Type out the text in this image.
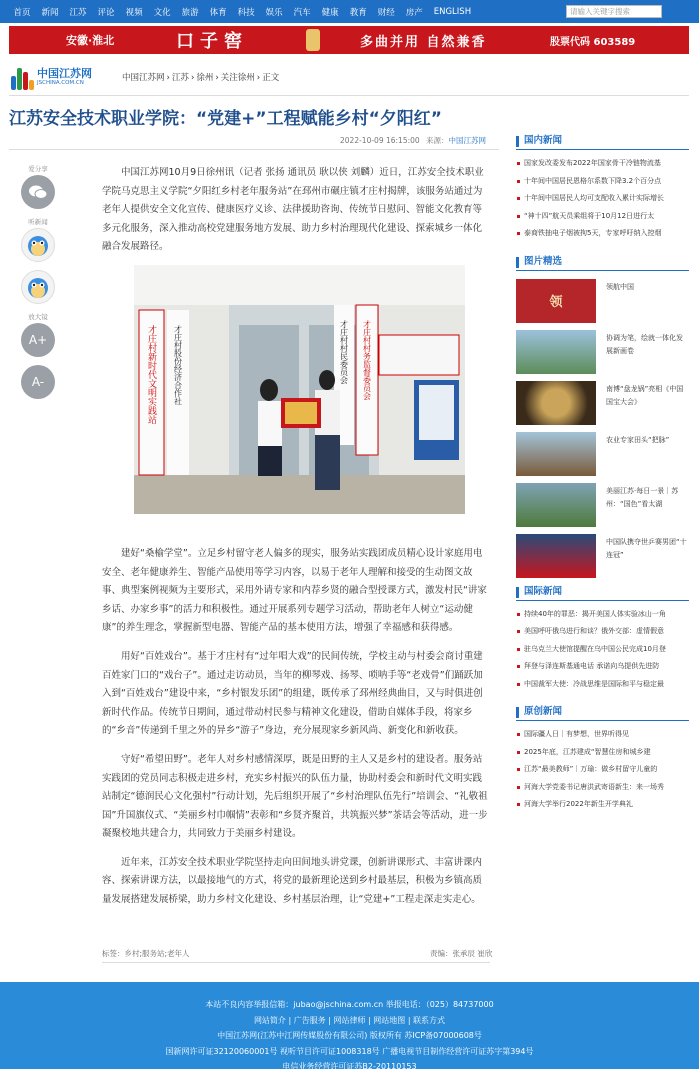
首页 新闻 江苏 评论 视频 文化 旅游 体育 科技 娱乐 汽车 健康 教育 财经 房产 ENGLISH	请输入关键字搜索
安徽·淮北	口子窖	多曲并用 自然兼香	股票代码 603589
中国江苏网
JSCHINA.COM.CN	中国江苏网 › 江苏 › 徐州 › 关注徐州 › 正文
江苏安全技术职业学院：“党建+”工程赋能乡村“夕阳红”
2022-10-09 16:15:00 来源：中国江苏网
爱分享
听新闻
放大镜
A+
A-

中国江苏网10月9日徐州讯（记者 张扬 通讯员 耿以侠 刘麟）近日，江苏安全技术职业学院马克思主义学院“夕阳红乡村老年服务站”在邳州市碾庄镇才庄村揭牌，该服务站通过为老年人提供安全文化宣传、健康医疗义诊、法律援助咨询、传统节日慰问、智能文化教育等多元化服务，深入推动高校党建服务地方发展、助力乡村治理现代化建设、探索城乡一体化融合发展路径。

建好“桑榆学堂”。立足乡村留守老人偏多的现实，服务站实践团成员精心设计家庭用电安全、老年健康养生、智能产品使用等学习内容，以易于老年人理解和接受的生动图文故事、典型案例视频为主要形式，采用外请专家和内荐乡贤的融合型授课方式，激发村民“讲家乡话、办家乡事”的活力和积极性。通过开展系列专题学习活动，帮助老年人树立“运动健康”的养生理念，掌握新型电器、智能产品的基本使用方法，增强了幸福感和获得感。

用好“百姓戏台”。基于才庄村有“过年唱大戏”的民间传统，学校主动与村委会商讨重建百姓家门口的“戏台子”。通过走访动员，当年的柳琴戏、扬琴、唢呐手等“老戏骨”们踊跃加入到“百姓戏台”建设中来，“乡村银发乐团”的组建，既传承了邳州经典曲目，又与时俱进创新时代作品。传统节日期间，通过带动村民参与精神文化建设，借助自媒体手段，将家乡的“乡音”传递到千里之外的异乡“游子”身边，充分展现家乡新风尚、新变化和新收获。

守好“希望田野”。老年人对乡村感情深厚，既是田野的主人又是乡村的建设者。服务站实践团的党员同志积极走进乡村，充实乡村振兴的队伍力量，协助村委会和新时代文明实践站制定“德润民心文化强村”行动计划，先后组织开展了“乡村治理队伍先行”培训会、“礼敬祖国”升国旗仪式、“美丽乡村巾帼情”表彰和“乡贤齐聚首，共筑振兴梦”茶话会等活动，进一步凝聚校地共建合力，共同致力于美丽乡村建设。

近年来，江苏安全技术职业学院坚持走向田间地头讲党课，创新讲课形式、丰富讲课内容、探索讲课方法，以最接地气的方式，将党的最新理论送到乡村最基层，积极为乡镇高质量发展搭建发展桥梁，助力乡村文化建设、乡村基层治理，让“党建+”工程走深走实走心。

才庄村新时代文明实践站 才庄村股份经济合作社	才庄村村民委员会 才庄村村务监督委员会
标签：乡村;服务站;老年人	责编：张承辰 崔欣
国内新闻
国家发改委发布2022年国家骨干冷链物流基
十年间中国居民恩格尔系数下降3.2个百分点
十年间中国居民人均可支配收入累计实际增长
“神十四”航天员乘组将于10月12日进行太
泰商铁抽电子烟被拘5天，专家呼吁纳入控烟
图片精选
领
领航中国
协调为笔，绘就一体化发展新画卷
南博“盘龙锅”亮相《中国国宝大会》
农业专家田头“把脉”
美丽江苏·每日一景｜苏州：“国色”看太湖
中国队携夺世乒赛男团“十连冠”
国际新闻
持续40年的罪恶：揭开美国人体实验冰山一角
美国呼吁俄乌进行和谈？俄外交部：虚情假意
驻乌克兰大使馆提醒在乌中国公民完成10月登
拜登与泽连斯基通电话 承诺向乌提供先进防
中国裁军大使：冷战思维是国际和平与稳定最
原创新闻
国际疆人日｜有梦想，世界听得见
2025年底，江苏建成“智慧住房和城乡建
江苏“最美教师”｜万瑜：做乡村留守儿童的
河海大学党委书记唐洪武寄语新生：来一场秀
河海大学举行2022年新生开学典礼
本站不良内容举报信箱：jubao@jschina.com.cn 举报电话：（025）84737000
网站简介 | 广告服务 | 网站律师 | 网站地图 | 联系方式
中国江苏网(江苏中江网传媒股份有限公司) 版权所有 苏ICP备07000608号
国新网许可证32120060001号 视听节目许可证1008318号 广播电视节目制作经营许可证苏字第394号
电信业务经营许可证苏B2-20110153
